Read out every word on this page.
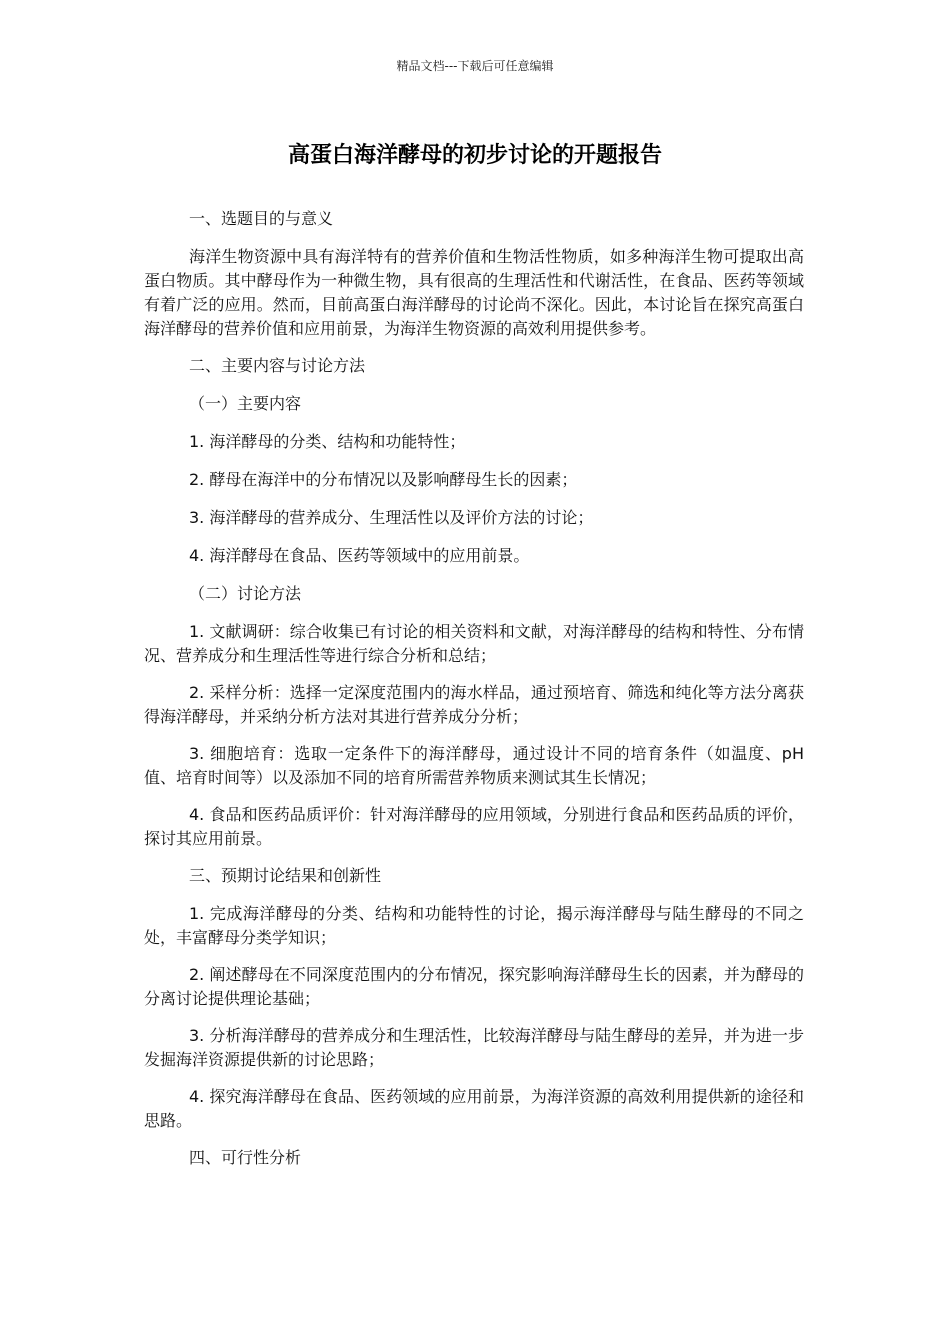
精品文档---下载后可任意编辑
高蛋白海洋酵母的初步讨论的开题报告

一、选题目的与意义

海洋生物资源中具有海洋特有的营养价值和生物活性物质，如多种海洋生物可提取出高蛋白物质。其中酵母作为一种微生物，具有很高的生理活性和代谢活性，在食品、医药等领域有着广泛的应用。然而，目前高蛋白海洋酵母的讨论尚不深化。因此，本讨论旨在探究高蛋白海洋酵母的营养价值和应用前景，为海洋生物资源的高效利用提供参考。

二、主要内容与讨论方法

（一）主要内容

1. 海洋酵母的分类、结构和功能特性；

2. 酵母在海洋中的分布情况以及影响酵母生长的因素；

3. 海洋酵母的营养成分、生理活性以及评价方法的讨论；

4. 海洋酵母在食品、医药等领域中的应用前景。

（二）讨论方法

1. 文献调研：综合收集已有讨论的相关资料和文献，对海洋酵母的结构和特性、分布情况、营养成分和生理活性等进行综合分析和总结；

2. 采样分析：选择一定深度范围内的海水样品，通过预培育、筛选和纯化等方法分离获得海洋酵母，并采纳分析方法对其进行营养成分分析；

3. 细胞培育：选取一定条件下的海洋酵母，通过设计不同的培育条件（如温度、pH 值、培育时间等）以及添加不同的培育所需营养物质来测试其生长情况；

4. 食品和医药品质评价：针对海洋酵母的应用领域，分别进行食品和医药品质的评价，探讨其应用前景。

三、预期讨论结果和创新性

1. 完成海洋酵母的分类、结构和功能特性的讨论，揭示海洋酵母与陆生酵母的不同之处，丰富酵母分类学知识；

2. 阐述酵母在不同深度范围内的分布情况，探究影响海洋酵母生长的因素，并为酵母的分离讨论提供理论基础；

3. 分析海洋酵母的营养成分和生理活性，比较海洋酵母与陆生酵母的差异，并为进一步发掘海洋资源提供新的讨论思路；

4. 探究海洋酵母在食品、医药领域的应用前景，为海洋资源的高效利用提供新的途径和思路。

四、可行性分析
